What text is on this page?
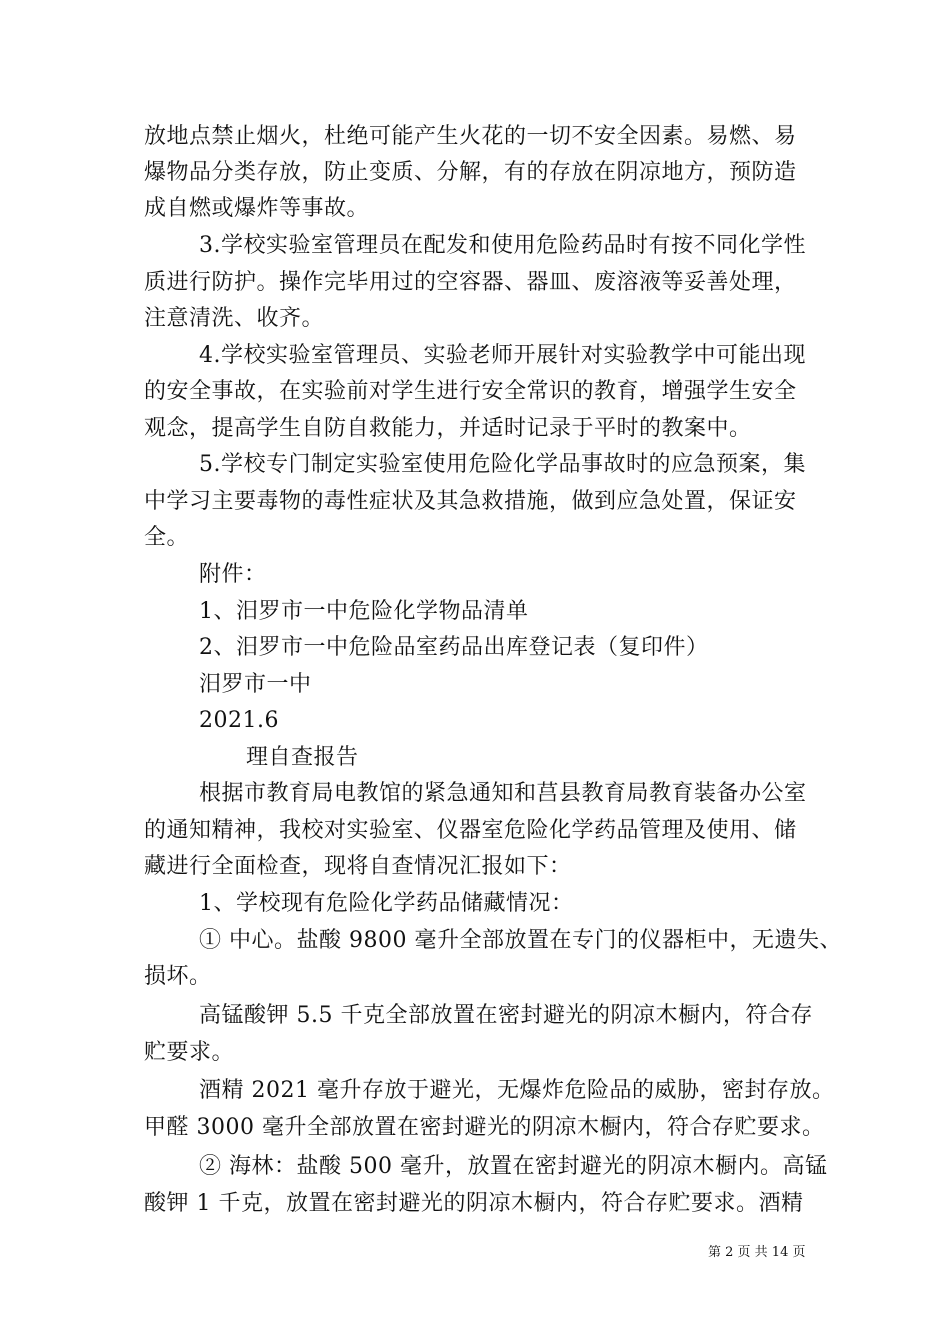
放地点禁止烟火，杜绝可能产生火花的一切不安全因素。易燃、易
爆物品分类存放，防止变质、分解，有的存放在阴凉地方，预防造
成自燃或爆炸等事故。
3.学校实验室管理员在配发和使用危险药品时有按不同化学性
质进行防护。操作完毕用过的空容器、器皿、废溶液等妥善处理，
注意清洗、收齐。
4.学校实验室管理员、实验老师开展针对实验教学中可能出现
的安全事故，在实验前对学生进行安全常识的教育，增强学生安全
观念，提高学生自防自救能力，并适时记录于平时的教案中。
5.学校专门制定实验室使用危险化学品事故时的应急预案，集
中学习主要毒物的毒性症状及其急救措施，做到应急处置，保证安
全。
附件：
1、汨罗市一中危险化学物品清单
2、汨罗市一中危险品室药品出库登记表（复印件）
汨罗市一中
2021.6
理自查报告
根据市教育局电教馆的紧急通知和莒县教育局教育装备办公室
的通知精神，我校对实验室、仪器室危险化学药品管理及使用、储
藏进行全面检查，现将自查情况汇报如下：
1、学校现有危险化学药品储藏情况：
① 中心。盐酸 9800 毫升全部放置在专门的仪器柜中，无遗失、
损坏。
高锰酸钾 5.5 千克全部放置在密封避光的阴凉木橱内，符合存
贮要求。
酒精 2021 毫升存放于避光，无爆炸危险品的威胁，密封存放。
甲醛 3000 毫升全部放置在密封避光的阴凉木橱内，符合存贮要求。
② 海林：盐酸 500 毫升，放置在密封避光的阴凉木橱内。高锰
酸钾 1 千克，放置在密封避光的阴凉木橱内，符合存贮要求。酒精
第 2 页 共 14 页
